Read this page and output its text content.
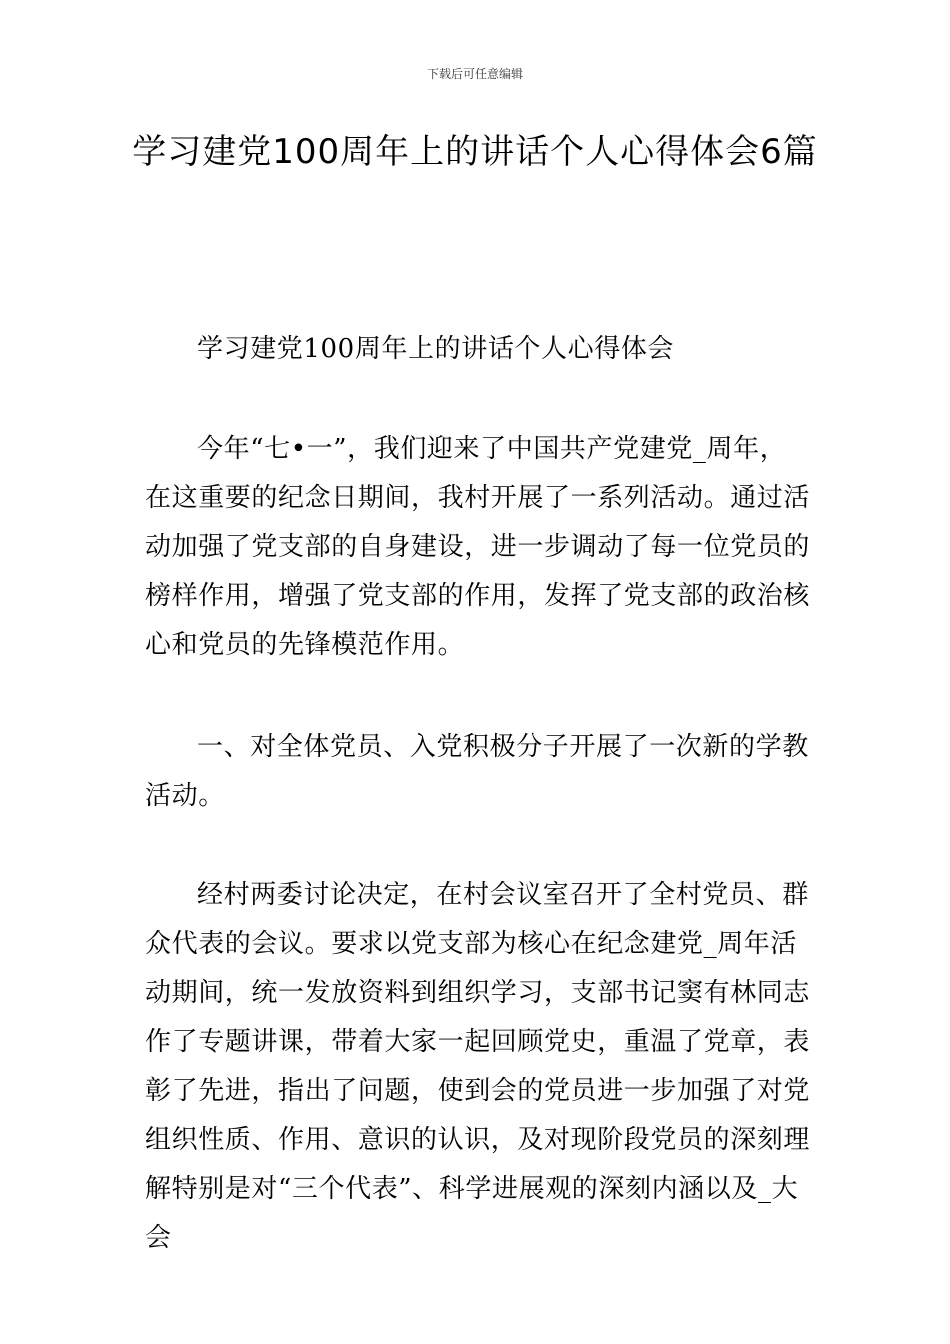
下载后可任意编辑
学习建党100周年上的讲话个人心得体会6篇

学习建党100周年上的讲话个人心得体会

今年“七•一”，我们迎来了中国共产党建党_周年，在这重要的纪念日期间，我村开展了一系列活动。通过活动加强了党支部的自身建设，进一步调动了每一位党员的榜样作用，增强了党支部的作用，发挥了党支部的政治核心和党员的先锋模范作用。

一、对全体党员、入党积极分子开展了一次新的学教活动。

经村两委讨论决定，在村会议室召开了全村党员、群众代表的会议。要求以党支部为核心在纪念建党_周年活动期间，统一发放资料到组织学习，支部书记窦有林同志作了专题讲课，带着大家一起回顾党史，重温了党章，表彰了先进，指出了问题，使到会的党员进一步加强了对党组织性质、作用、意识的认识，及对现阶段党员的深刻理解特别是对“三个代表”、科学进展观的深刻内涵以及_大会
